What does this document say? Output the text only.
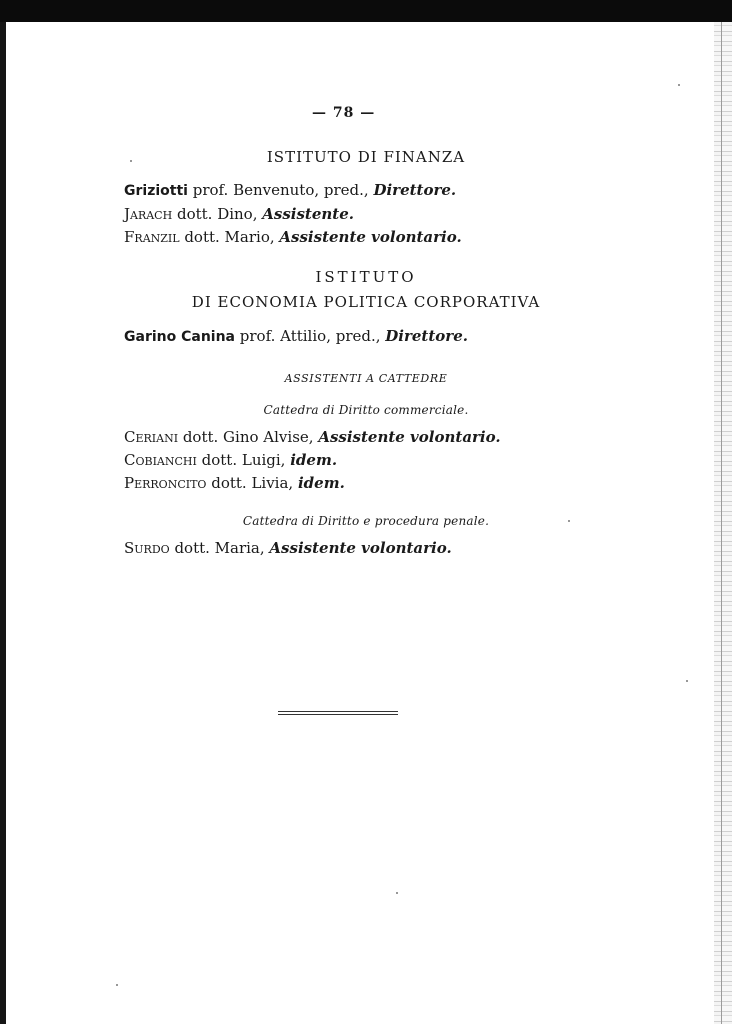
— 78 —
ISTITUTO DI FINANZA
Griziotti prof. Benvenuto, pred., Direttore.
Jarach dott. Dino, Assistente.
Franzil dott. Mario, Assistente volontario.
ISTITUTO
DI ECONOMIA POLITICA CORPORATIVA
Garino Canina prof. Attilio, pred., Direttore.
ASSISTENTI A CATTEDRE
Cattedra di Diritto commerciale.
Ceriani dott. Gino Alvise, Assistente volontario.
Cobianchi dott. Luigi, idem.
Perroncito dott. Livia, idem.
Cattedra di Diritto e procedura penale.
Surdo dott. Maria, Assistente volontario.
